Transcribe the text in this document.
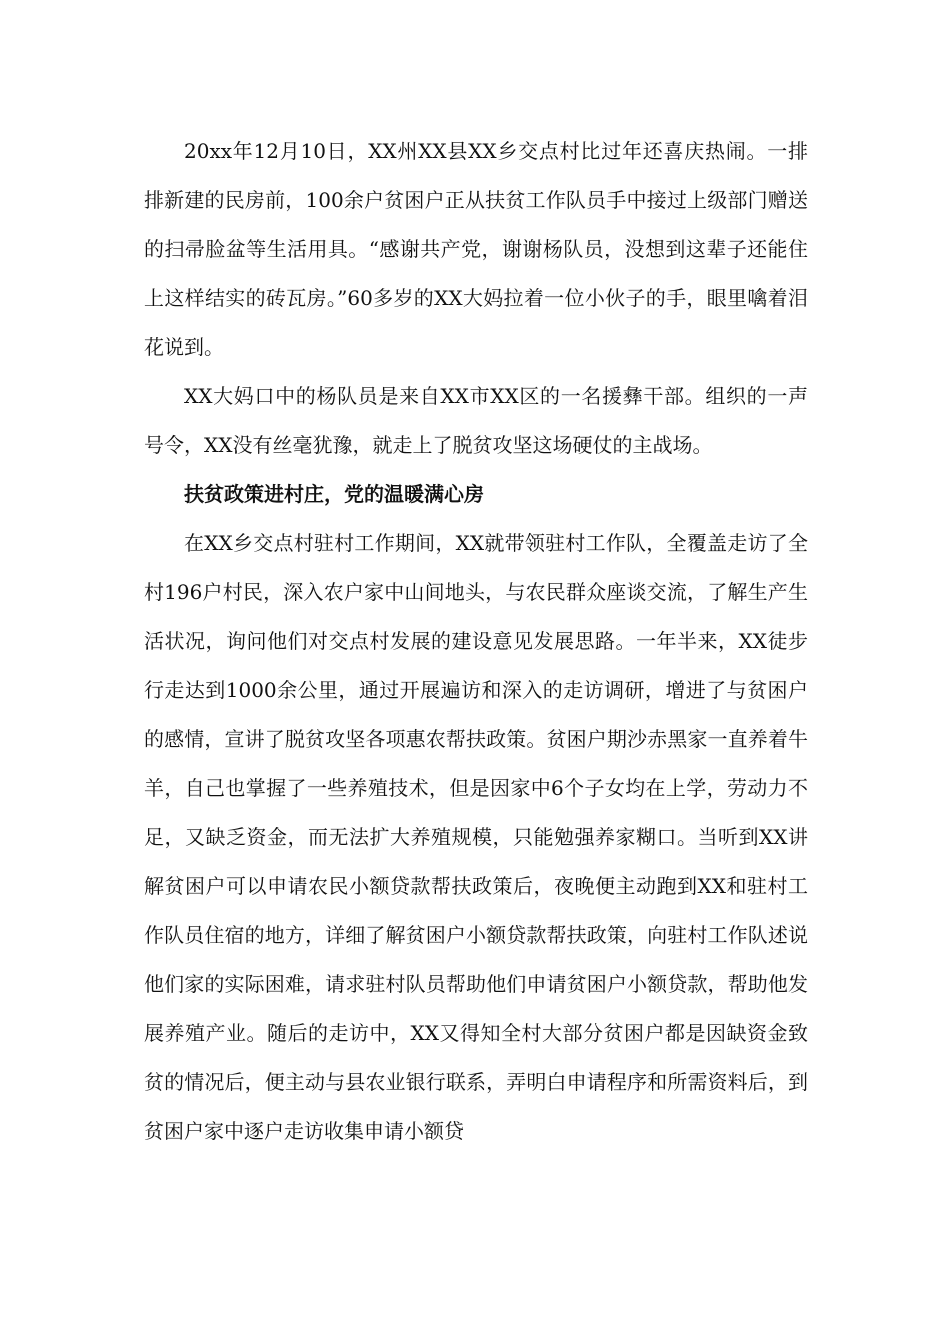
20xx年12月10日，XX州XX县XX乡交点村比过年还喜庆热闹。一排排新建的民房前，100余户贫困户正从扶贫工作队员手中接过上级部门赠送的扫帚脸盆等生活用具。“感谢共产党，谢谢杨队员，没想到这辈子还能住上这样结实的砖瓦房。”60多岁的XX大妈拉着一位小伙子的手，眼里噙着泪花说到。

XX大妈口中的杨队员是来自XX市XX区的一名援彝干部。组织的一声号令，XX没有丝毫犹豫，就走上了脱贫攻坚这场硬仗的主战场。

扶贫政策进村庄，党的温暖满心房

在XX乡交点村驻村工作期间，XX就带领驻村工作队，全覆盖走访了全村196户村民，深入农户家中山间地头，与农民群众座谈交流，了解生产生活状况，询问他们对交点村发展的建设意见发展思路。一年半来，XX徒步行走达到1000余公里，通过开展遍访和深入的走访调研，增进了与贫困户的感情，宣讲了脱贫攻坚各项惠农帮扶政策。贫困户期沙赤黑家一直养着牛羊，自己也掌握了一些养殖技术，但是因家中6个子女均在上学，劳动力不足，又缺乏资金，而无法扩大养殖规模，只能勉强养家糊口。当听到XX讲解贫困户可以申请农民小额贷款帮扶政策后，夜晚便主动跑到XX和驻村工作队员住宿的地方，详细了解贫困户小额贷款帮扶政策，向驻村工作队述说他们家的实际困难，请求驻村队员帮助他们申请贫困户小额贷款，帮助他发展养殖产业。随后的走访中，XX又得知全村大部分贫困户都是因缺资金致贫的情况后，便主动与县农业银行联系，弄明白申请程序和所需资料后，到贫困户家中逐户走访收集申请小额贷
